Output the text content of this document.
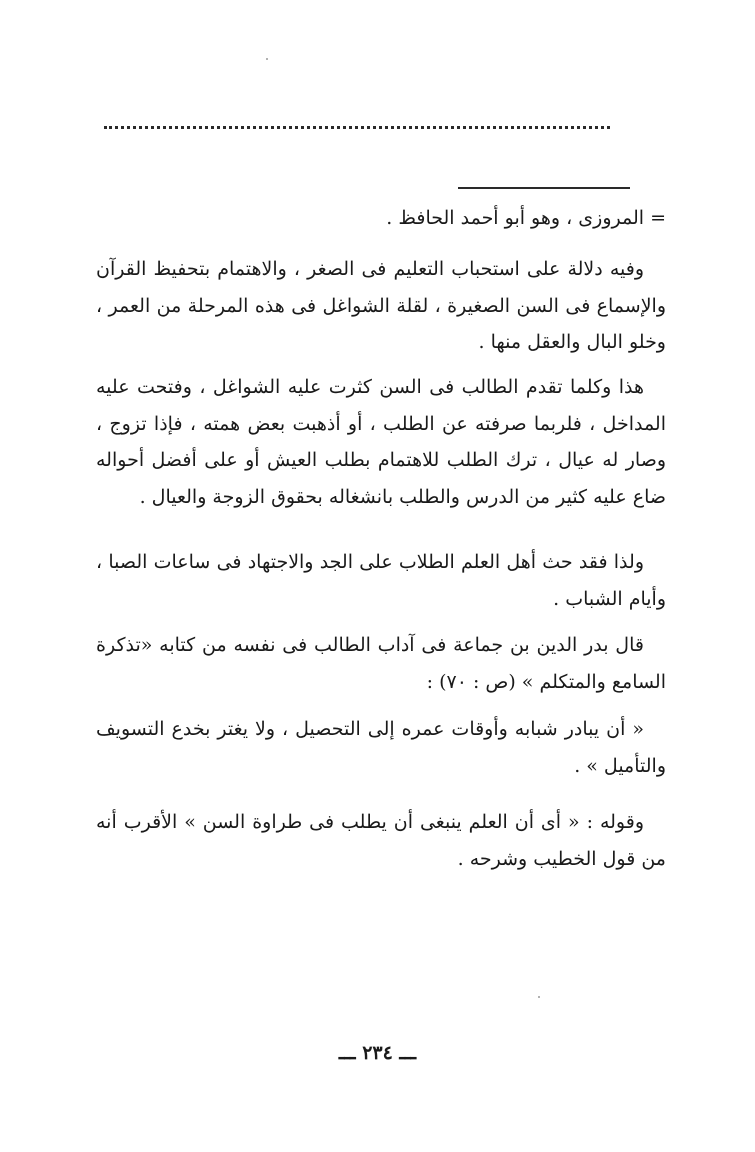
= المروزى ، وهو أبو أحمد الحافظ .

وفيه دلالة على استحباب التعليم فى الصغر ، والاهتمام بتحفيظ القرآن والإسماع فى السن الصغيرة ، لقلة الشواغل فى هذه المرحلة من العمر ، وخلو البال والعقل منها .

هذا وكلما تقدم الطالب فى السن كثرت عليه الشواغل ، وفتحت عليه المداخل ، فلربما صرفته عن الطلب ، أو أذهبت بعض همته ، فإذا تزوج ، وصار له عيال ، ترك الطلب للاهتمام بطلب العيش أو على أفضل أحواله ضاع عليه كثير من الدرس والطلب بانشغاله بحقوق الزوجة والعيال .

ولذا فقد حث أهل العلم الطلاب على الجد والاجتهاد فى ساعات الصبا ، وأيام الشباب .

قال بدر الدين بن جماعة فى آداب الطالب فى نفسه من كتابه «تذكرة السامع والمتكلم » (ص : ٧٠) :

« أن يبادر شبابه وأوقات عمره إلى التحصيل ، ولا يغتر بخدع التسويف والتأميل » .

وقوله : « أى أن العلم ينبغى أن يطلب فى طراوة السن » الأقرب أنه من قول الخطيب وشرحه .

ـــ ٢٣٤ ـــ
